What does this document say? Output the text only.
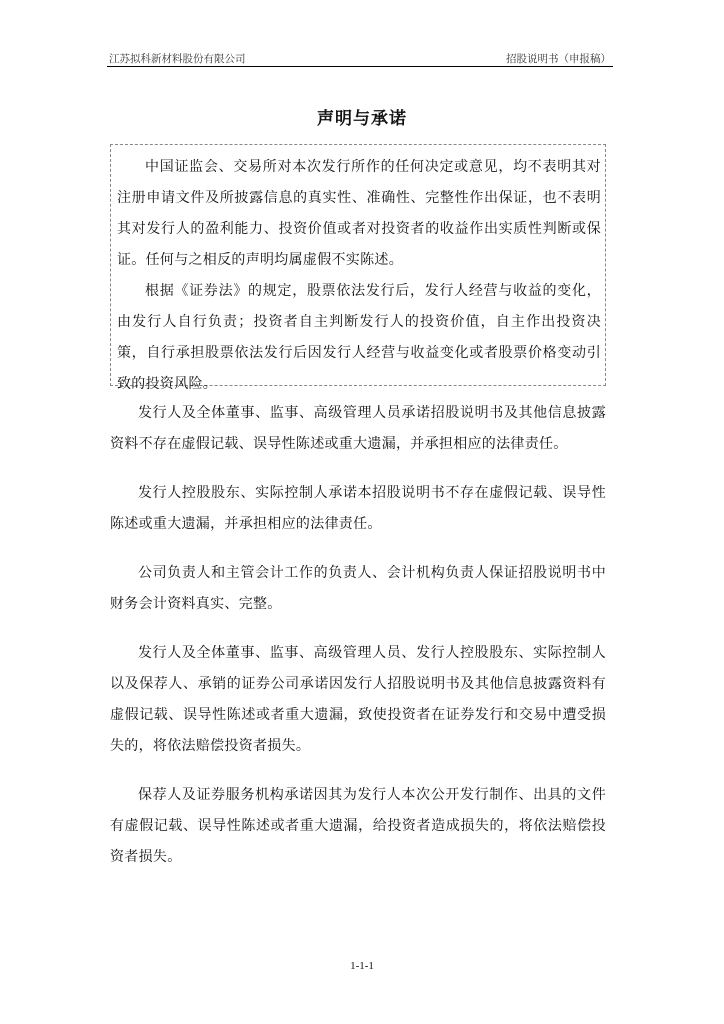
江苏拟科新材料股份有限公司	招股说明书（申报稿）
声明与承诺

中国证监会、交易所对本次发行所作的任何决定或意见，均不表明其对注册申请文件及所披露信息的真实性、准确性、完整性作出保证，也不表明其对发行人的盈利能力、投资价值或者对投资者的收益作出实质性判断或保证。任何与之相反的声明均属虚假不实陈述。

根据《证券法》的规定，股票依法发行后，发行人经营与收益的变化，由发行人自行负责；投资者自主判断发行人的投资价值，自主作出投资决策，自行承担股票依法发行后因发行人经营与收益变化或者股票价格变动引致的投资风险。

发行人及全体董事、监事、高级管理人员承诺招股说明书及其他信息披露资料不存在虚假记载、误导性陈述或重大遗漏，并承担相应的法律责任。

发行人控股股东、实际控制人承诺本招股说明书不存在虚假记载、误导性陈述或重大遗漏，并承担相应的法律责任。

公司负责人和主管会计工作的负责人、会计机构负责人保证招股说明书中财务会计资料真实、完整。

发行人及全体董事、监事、高级管理人员、发行人控股股东、实际控制人以及保荐人、承销的证券公司承诺因发行人招股说明书及其他信息披露资料有虚假记载、误导性陈述或者重大遗漏，致使投资者在证券发行和交易中遭受损失的，将依法赔偿投资者损失。

保荐人及证券服务机构承诺因其为发行人本次公开发行制作、出具的文件有虚假记载、误导性陈述或者重大遗漏，给投资者造成损失的，将依法赔偿投资者损失。

1-1-1
